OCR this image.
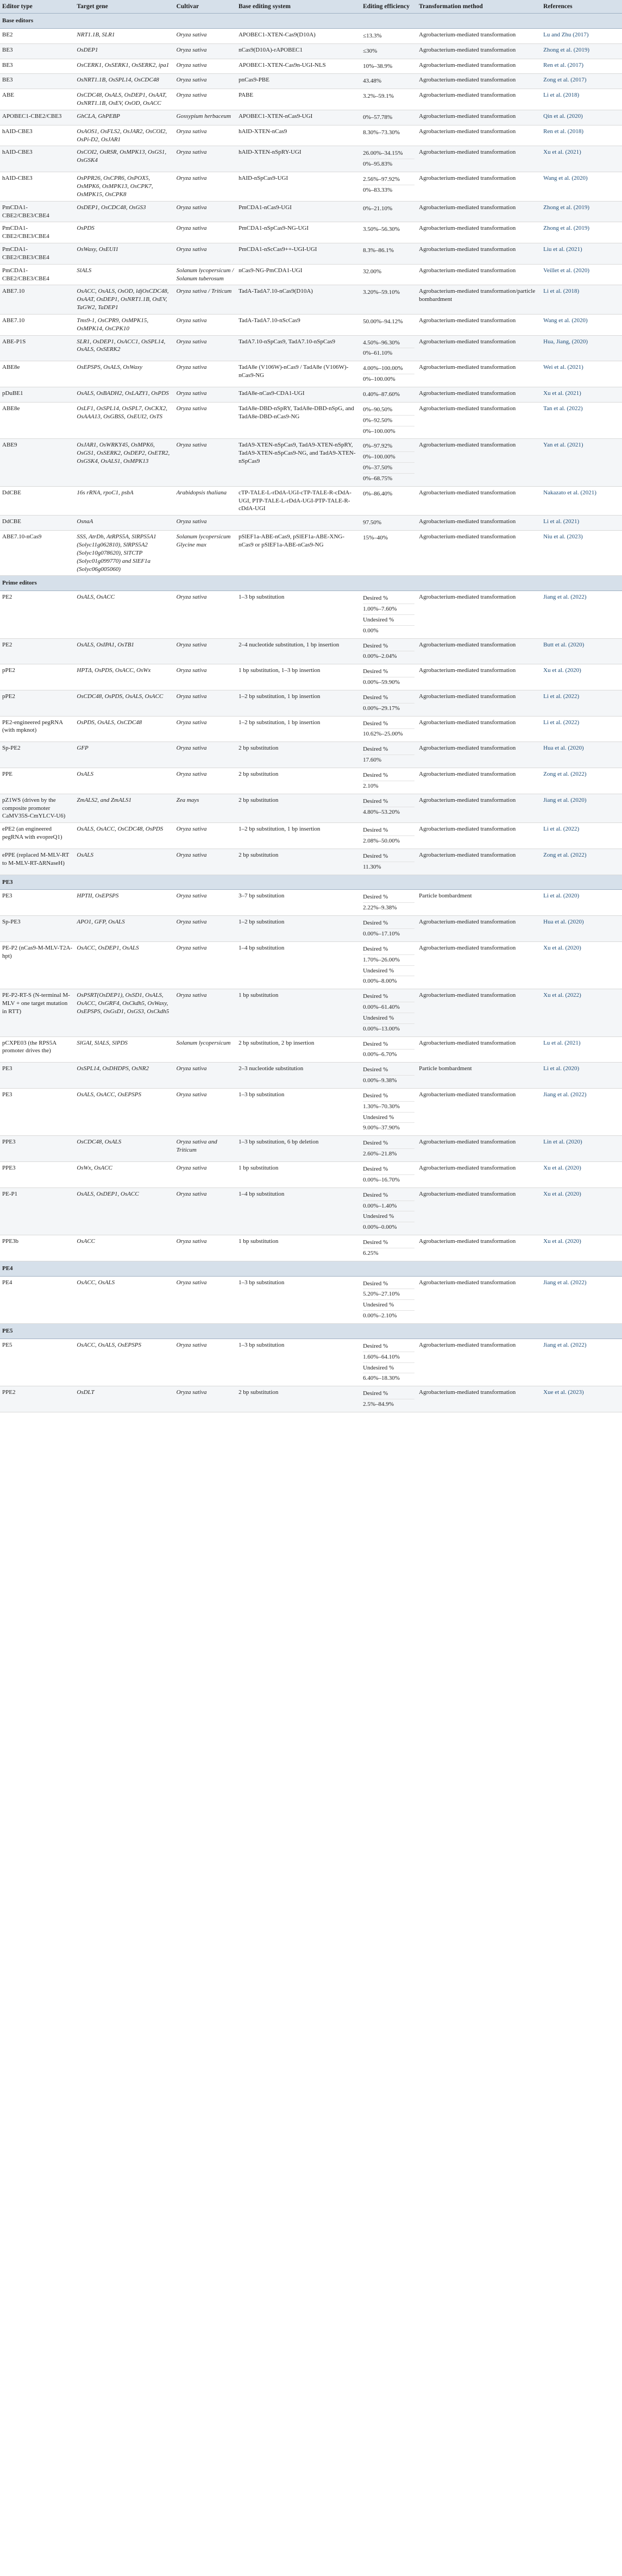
Editor type	Target gene	Cultivar	Base editing system	Editing efficiency	Transformation method	References
Base editors						
BE2	NRT1.1B, SLR1	Oryza sativa	APOBEC1-XTEN-Cas9(D10A)	≤13.3%	Agrobacterium-mediated transformation	Lu and Zhu (2017)
BE3	OsDEP1	Oryza sativa	nCas9(D10A)-rAPOBEC1	≤30%	Agrobacterium-mediated transformation	Zhong et al. (2019)
BE3	OsCERK1, OsSERK1, OsSERK2, ipa1	Oryza sativa	APOBEC1-XTEN-Cas9n-UGI-NLS	10%–38.9%	Agrobacterium-mediated transformation	Ren et al. (2017)
BE3	OsNRT1.1B, OsSPL14, OsCDC48	Oryza sativa	pnCas9-PBE	43.48%	Agrobacterium-mediated transformation	Zong et al. (2017)
ABE	OsCDC48, OsALS, OsDEP1, OsAAT, OsNRT1.1B, OsEV, OsOD, OsACC	Oryza sativa	PABE	3.2%–59.1%	Agrobacterium-mediated transformation	Li et al. (2018)
APOBEC1-CBE2/CBE3	GhCLA, GhPEBP	Gossypium herbaceum	APOBEC1-XTEN-nCas9-UGI	0%–57.78%	Agrobacterium-mediated transformation	Qin et al. (2020)
hAID-CBE3	OsAOS1, OsFLS2, OsJAR2, OsCOI2, OsPi-D2, OsJAR1	Oryza sativa	hAID-XTEN-nCas9	8.30%–73.30%	Agrobacterium-mediated transformation	Ren et al. (2018)
hAID-CBE3	OsCOI2, OsRSR, OsMPK13, OsGS1, OsGSK4	Oryza sativa	hAID-XTEN-nSpRY-UGI	26.00%–34.15%
0%–95.83%	Agrobacterium-mediated transformation	Xu et al. (2021)
hAID-CBE3	OsPPR26, OsCPR6, OsPOX5, OsMPK6, OsMPK13, OsCPK7, OsMPK15, OsCPK8	Oryza sativa	hAID-nSpCas9-UGI	2.56%–97.92%
0%–83.33%	Agrobacterium-mediated transformation	Wang et al. (2020)
PmCDA1-CBE2/CBE3/CBE4	OsDEP1, OsCDC48, OsGS3	Oryza sativa	PmCDA1-nCas9-UGI	0%–21.10%	Agrobacterium-mediated transformation	Zhong et al. (2019)
PmCDA1-CBE2/CBE3/CBE4	OsPDS	Oryza sativa	PmCDA1-nSpCas9-NG-UGI	3.50%–56.30%	Agrobacterium-mediated transformation	Zhong et al. (2019)
PmCDA1-CBE2/CBE3/CBE4	OsWaxy, OsEUI1	Oryza sativa	PmCDA1-nScCas9++-UGI-UGI	8.3%–86.1%	Agrobacterium-mediated transformation	Liu et al. (2021)
PmCDA1-CBE2/CBE3/CBE4	SlALS	Solanum lycopersicum / Solanum tuberosum	nCas9-NG-PmCDA1-UGI	32.00%	Agrobacterium-mediated transformation	Veillet et al. (2020)
ABE7.10	OsACC, OsALS, OsOD, ldjOsCDC48, OsAAT, OsDEP1, OsNRT1.1B, OsEV, TaGW2, TaDEP1	Oryza sativa / Triticum	TadA-TadA7.10-nCas9(D10A)	3.20%–59.10%	Agrobacterium-mediated transformation/particle bombardment	Li et al. (2018)
ABE7.10	Tms9-1, OsCPR9, OsMPK15, OsMPK14, OsCPK10	Oryza sativa	TadA-TadA7.10-nScCas9	50.00%–94.12%	Agrobacterium-mediated transformation	Wang et al. (2020)
ABE-P1S	SLR1, OsDEP1, OsACC1, OsSPL14, OsALS, OsSERK2	Oryza sativa	TadA7.10-nSpCas9, TadA7.10-nSpCas9	4.50%–96.30%
0%–61.10%	Agrobacterium-mediated transformation	Hua, Jiang, (2020)
ABE8e	OsEPSPS, OsALS, OsWaxy	Oryza sativa	TadA8e (V106W)-nCas9 / TadA8e (V106W)-nCas9-NG	4.00%–100.00%
0%–100.00%	Agrobacterium-mediated transformation	Wei et al. (2021)
pDuBE1	OsALS, OsBADH2, OsLAZY1, OsPDS	Oryza sativa	TadA8e-nCas9-CDA1-UGI	0.40%–87.60%	Agrobacterium-mediated transformation	Xu et al. (2021)
ABE8e	OsLF1, OsSPL14, OsSPL7, OsCKX2, OsAAA13, OsGBSS, OsEUI2, OsTS	Oryza sativa	TadA8e-DBD-nSpRY, TadA8e-DBD-nSpG, and TadA8e-DBD-nCas9-NG	0%–90.50%
0%–92.50%
0%–100.00%	Agrobacterium-mediated transformation	Tan et al. (2022)
ABE9	OsJAR1, OsWRKY45, OsMPK6, OsGS1, OsSERK2, OsDEP2, OsETR2, OsGSK4, OsALS1, OsMPK13	Oryza sativa	TadA9-XTEN-nSpCas9, TadA9-XTEN-nSpRY, TadA9-XTEN-nSpCas9-NG, and TadA9-XTEN-nSpCas9	0%–97.92%
0%–100.00%
0%–37.50%
0%–68.75%	Agrobacterium-mediated transformation	Yan et al. (2021)
DdCBE	16s rRNA, rpoC1, psbA	Arabidopsis thaliana	cTP-TALE-L-rDdA-UGI-cTP-TALE-R-cDdA-UGI, PTP-TALE-L-rDdA-UGI-PTP-TALE-R-cDdA-UGI	0%–86.40%	Agrobacterium-mediated transformation	Nakazato et al. (2021)
DdCBE	OsnaA	Oryza sativa		97.50%	Agrobacterium-mediated transformation	Li et al. (2021)
ABE7.10-nCas9	SSS, AtrDh, AtRPS5A, SlRPS5A1 (Solyc11g062810), SlRPS5A2 (Solyc10g078620), SlTCTP (Solyc01g099770) and SlEF1a (Solyc06g005060)	Solanum lycopersicum Glycine max	pSlEF1a-ABE-nCas9, pSlEF1a-ABE-XNG-nCas9 or pSlEF1a-ABE-nCas9-NG	15%–40%	Agrobacterium-mediated transformation	Niu et al. (2023)
Prime editors						
PE2	OsALS, OsACC	Oryza sativa	1–3 bp substitution	Desired %
1.00%–7.60%
Undesired %
0.00%	Agrobacterium-mediated transformation	Jiang et al. (2022)
PE2	OsALS, OsIPA1, OsTB1	Oryza sativa	2–4 nucleotide substitution, 1 bp insertion	Desired %
0.00%–2.04%	Agrobacterium-mediated transformation	Butt et al. (2020)
pPE2	HPTΔ, OsPDS, OsACC, OsWx	Oryza sativa	1 bp substitution, 1–3 bp insertion	Desired %
0.00%–59.90%	Agrobacterium-mediated transformation	Xu et al. (2020)
pPE2	OsCDC48, OsPDS, OsALS, OsACC	Oryza sativa	1–2 bp substitution, 1 bp insertion	Desired %
0.00%–29.17%	Agrobacterium-mediated transformation	Li et al. (2022)
PE2-engineered pegRNA (with mpknot)	OsPDS, OsALS, OsCDC48	Oryza sativa	1–2 bp substitution, 1 bp insertion	Desired %
10.62%–25.00%	Agrobacterium-mediated transformation	Li et al. (2022)
Sp-PE2	GFP	Oryza sativa	2 bp substitution	Desired %
17.60%	Agrobacterium-mediated transformation	Hua et al. (2020)
PPE	OsALS	Oryza sativa	2 bp substitution	Desired %
2.10%	Agrobacterium-mediated transformation	Zong et al. (2022)
pZ1WS (driven by the composite promoter CaMV35S-CmYLCV-U6)	ZmALS2, and ZmALS1	Zea mays	2 bp substitution	Desired %
4.80%–53.20%	Agrobacterium-mediated transformation	Jiang et al. (2020)
ePE2 (an engineered pegRNA with evopreQ1)	OsALS, OsACC, OsCDC48, OsPDS	Oryza sativa	1–2 bp substitution, 1 bp insertion	Desired %
2.08%–50.00%	Agrobacterium-mediated transformation	Li et al. (2022)
ePPE (replaced M-MLV-RT to M-MLV-RT-ΔRNaseH)	OsALS	Oryza sativa	2 bp substitution	Desired %
11.30%	Agrobacterium-mediated transformation	Zong et al. (2022)
PE3						
PE3	HPTII, OsEPSPS	Oryza sativa	3–7 bp substitution	Desired %
2.22%–9.38%	Particle bombardment	Li et al. (2020)
Sp-PE3	APO1, GFP, OsALS	Oryza sativa	1–2 bp substitution	Desired %
0.00%–17.10%	Agrobacterium-mediated transformation	Hua et al. (2020)
PE-P2 (nCas9-M-MLV-T2A-hpt)	OsACC, OsDEP1, OsALS	Oryza sativa	1–4 bp substitution	Desired %
1.70%–26.00%
Undesired %
0.00%–8.00%	Agrobacterium-mediated transformation	Xu et al. (2020)
PE-P2-RT-S (N-terminal M-MLV + one target mutation in RTT)	OsPSRT(OsDEP1), OsSD1, OsALS, OsACC, OsGRF4, OsCkdh5, OsWaxy, OsEPSPS, OsGsD1, OsGS3, OsCkdh5	Oryza sativa	1 bp substitution	Desired %
0.00%–61.40%
Undesired %
0.00%–13.00%	Agrobacterium-mediated transformation	Xu et al. (2022)
pCXPE03 (the RPS5A promoter drives the)	SlGAI, SlALS, SlPDS	Solanum lycopersicum	2 bp substitution, 2 bp insertion	Desired %
0.00%–6.70%	Agrobacterium-mediated transformation	Lu et al. (2021)
PE3	OsSPL14, OsDHDPS, OsNR2	Oryza sativa	2–3 nucleotide substitution	Desired %
0.00%–9.38%	Particle bombardment	Li et al. (2020)
PE3	OsALS, OsACC, OsEPSPS	Oryza sativa	1–3 bp substitution	Desired %
1.30%–70.30%
Undesired %
9.00%–37.90%	Agrobacterium-mediated transformation	Jiang et al. (2022)
PPE3	OsCDC48, OsALS	Oryza sativa and Triticum	1–3 bp substitution, 6 bp deletion	Desired %
2.60%–21.8%	Agrobacterium-mediated transformation	Lin et al. (2020)
PPE3	OsWx, OsACC	Oryza sativa	1 bp substitution	Desired %
0.00%–16.70%	Agrobacterium-mediated transformation	Xu et al. (2020)
PE-P1	OsALS, OsDEP1, OsACC	Oryza sativa	1–4 bp substitution	Desired %
0.00%–1.40%
Undesired %
0.00%–0.00%	Agrobacterium-mediated transformation	Xu et al. (2020)
PPE3b	OsACC	Oryza sativa	1 bp substitution	Desired %
6.25%	Agrobacterium-mediated transformation	Xu et al. (2020)
PE4						
PE4	OsACC, OsALS	Oryza sativa	1–3 bp substitution	Desired %
5.20%–27.10%
Undesired %
0.00%–2.10%	Agrobacterium-mediated transformation	Jiang et al. (2022)
PE5						
PE5	OsACC, OsALS, OsEPSPS	Oryza sativa	1–3 bp substitution	Desired %
1.60%–64.10%
Undesired %
6.40%–18.30%	Agrobacterium-mediated transformation	Jiang et al. (2022)
PPE2	OsDLT	Oryza sativa	2 bp substitution	Desired %
2.5%–84.9%	Agrobacterium-mediated transformation	Xue et al. (2023)
